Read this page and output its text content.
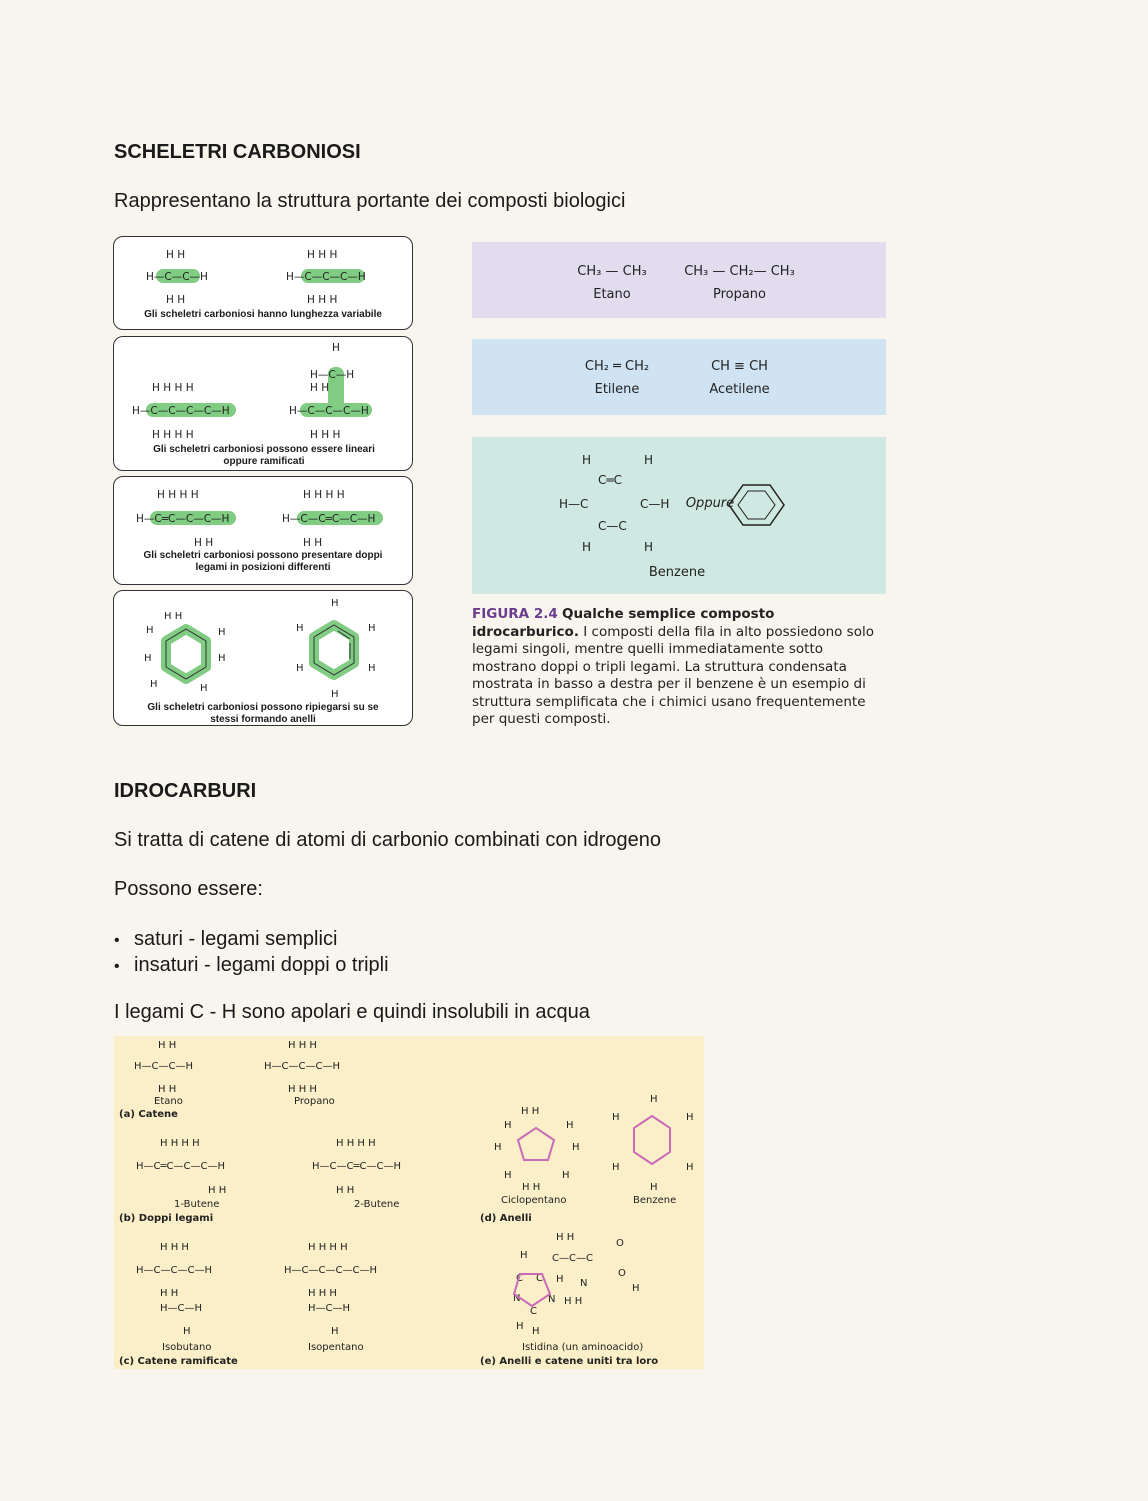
SCHELETRI CARBONIOSI
Rappresentano la struttura portante dei composti biologici
H—C—C—H
H H
H H
H—C—C—C—H
H H H
H H H
Gli scheletri carboniosi hanno lunghezza variabile
H—C—C—C—C—H
H H H H
H H H H
H—C—C—C—H
H—C—H
H
H H
H H H
Gli scheletri carboniosi possono essere lineari oppure ramificati
H—C═C—C—C—H
H H H H
H H
H—C—C═C—C—H
H H H H
H H
Gli scheletri carboniosi possono presentare doppi legami in posizioni differenti
H H
H	H
H	H
H	H
H
H	H
H	H
H
Gli scheletri carboniosi possono ripiegarsi su se stessi formando anelli
CH₃ — CH₃
Etano
CH₃ — CH₂— CH₃
Propano
CH₂ ═ CH₂
Etilene
CH ≡ CH
Acetilene
H	H
C═C
H—C	C—H
C—C
H	H
Oppure
Benzene
FIGURA 2.4 Qualche semplice composto idrocarburico. I composti della fila in alto possiedono solo legami singoli, mentre quelli immediatamente sotto mostrano doppi o tripli legami. La struttura condensata mostrata in basso a destra per il benzene è un esempio di struttura semplificata che i chimici usano frequentemente per questi composti.
IDROCARBURI
Si tratta di catene di atomi di carbonio combinati con idrogeno
Possono essere:
• saturi - legami semplici
• insaturi - legami doppi o tripli
I legami C - H sono apolari e quindi insolubili in acqua
H H
H—C—C—H
H H
H H H
H—C—C—C—H
H H H
H H H H
H—C═C—C—C—H
H H
H H H H
H—C—C═C—C—H
H H
H H
H	H
H	H
H	H
H H
H
H	H
H	H
H
H H H
H—C—C—C—H
H H
H—C—H
H
H H H H
H—C—C—C—C—H
H H H
H—C—H
H
H H
H C—C—C
O
O
H
H N
H H
N	N
C C
C
H H
Etano	Propano
(a) Catene
1-Butene	2-Butene
(b) Doppi legami
Ciclopentano	Benzene
(d) Anelli
Isobutano	Isopentano
(c) Catene ramificate
Istidina (un aminoacido)
(e) Anelli e catene uniti tra loro
